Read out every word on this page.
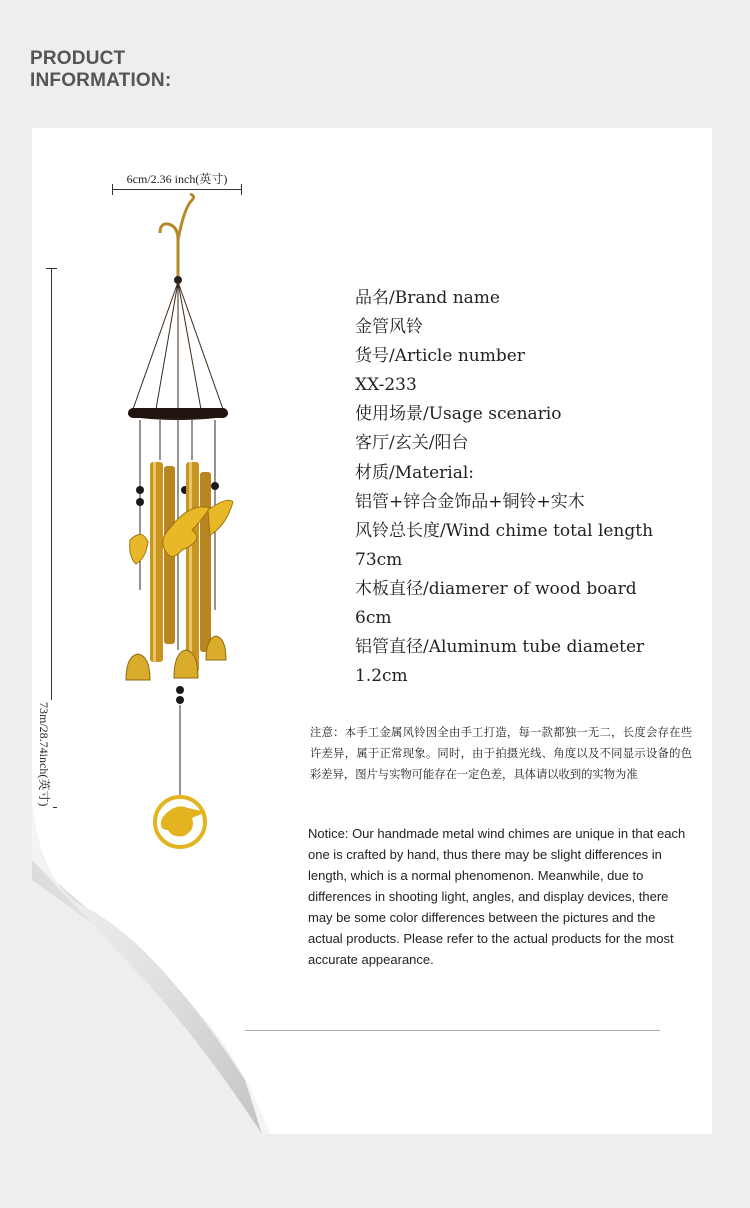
PRODUCT
INFORMATION:
6cm/2.36 inch(英寸)
73m/28.74inch(英寸)
品名/Brand name
金管风铃
货号/Article number
XX-233
使用场景/Usage scenario
客厅/玄关/阳台
材质/Material:
铝管+锌合金饰品+铜铃+实木
风铃总长度/Wind chime total length
73cm
木板直径/diamerer of wood board
6cm
铝管直径/Aluminum tube diameter
1.2cm
注意：本手工金属风铃因全由手工打造，每一款都独一无二，长度会存在些许差异，属于正常现象。同时，由于拍摄光线、角度以及不同显示设备的色彩差异，图片与实物可能存在一定色差，具体请以收到的实物为准
Notice: Our handmade metal wind chimes are unique in that each one is crafted by hand, thus there may be slight differences in length, which is a normal phenomenon. Meanwhile, due to differences in shooting light, angles, and display devices, there may be some color differences between the pictures and the actual products. Please refer to the actual products for the most accurate appearance.
